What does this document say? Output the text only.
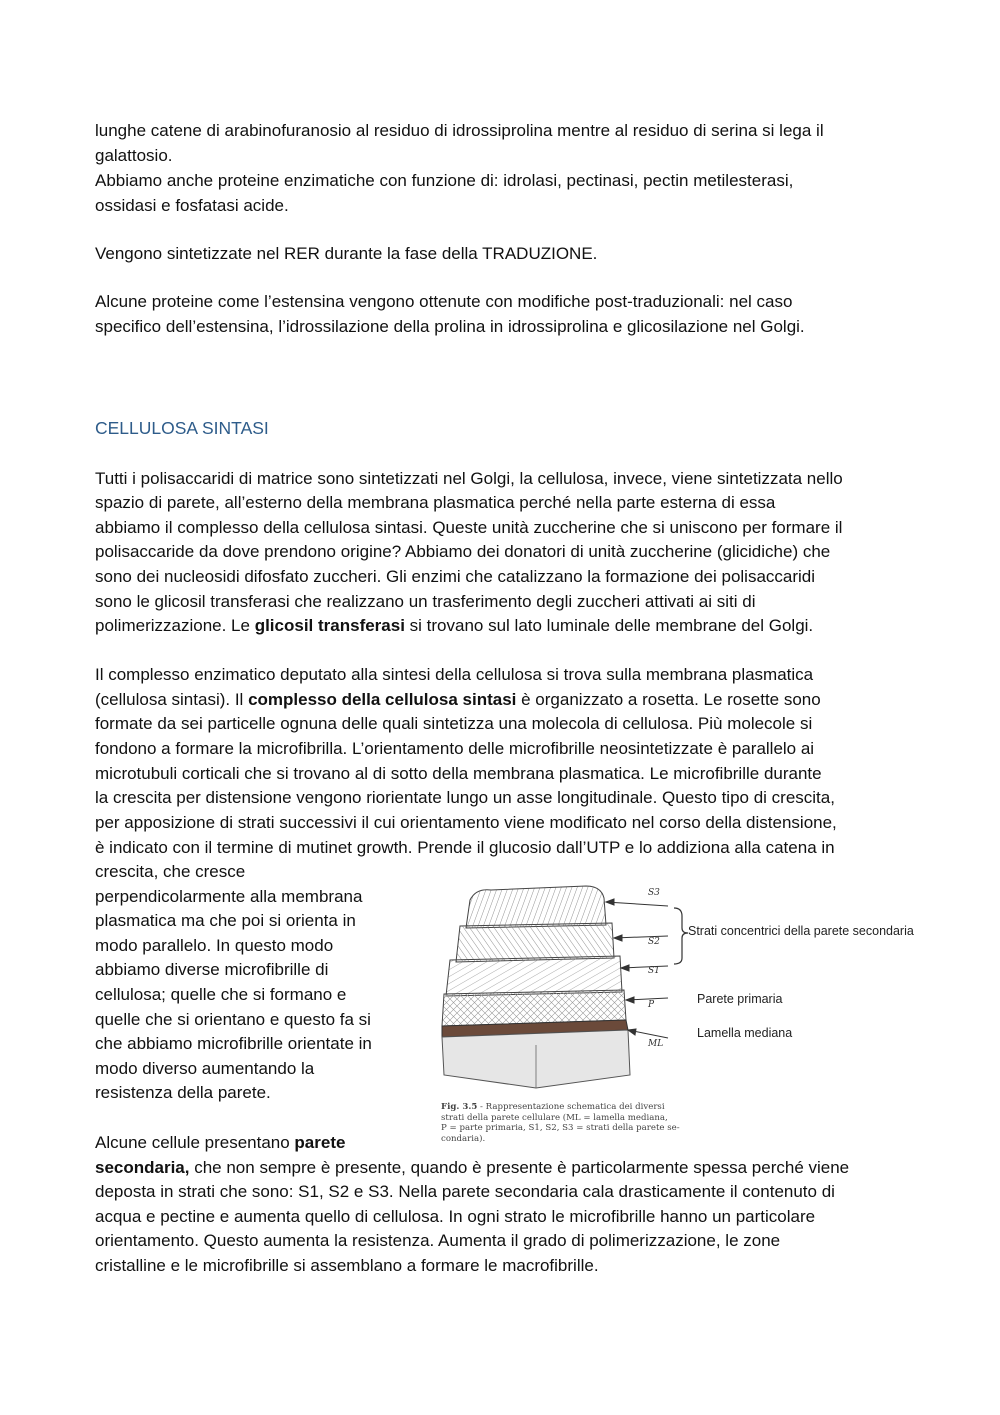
lunghe catene di arabinofuranosio al residuo di idrossiprolina mentre al residuo di serina si lega il
galattosio.
Abbiamo anche proteine enzimatiche con funzione di: idrolasi, pectinasi, pectin metilesterasi,
ossidasi e fosfatasi acide.
Vengono sintetizzate nel RER durante la fase della TRADUZIONE.
Alcune proteine come l’estensina vengono ottenute con modifiche post-traduzionali: nel caso
specifico dell’estensina, l’idrossilazione della prolina in idrossiprolina e glicosilazione nel Golgi.
CELLULOSA SINTASI
Tutti i polisaccaridi di matrice sono sintetizzati nel Golgi, la cellulosa, invece, viene sintetizzata nello
spazio di parete, all’esterno della membrana plasmatica perché nella parte esterna di essa
abbiamo il complesso della cellulosa sintasi. Queste unità zuccherine che si uniscono per formare il
polisaccaride da dove prendono origine? Abbiamo dei donatori di unità zuccherine (glicidiche) che
sono dei nucleosidi difosfato zuccheri. Gli enzimi che catalizzano la formazione dei polisaccaridi
sono le glicosil transferasi che realizzano un trasferimento degli zuccheri attivati ai siti di
polimerizzazione. Le glicosil transferasi si trovano sul lato luminale delle membrane del Golgi.
Il complesso enzimatico deputato alla sintesi della cellulosa si trova sulla membrana plasmatica
(cellulosa sintasi). Il complesso della cellulosa sintasi è organizzato a rosetta. Le rosette sono
formate da sei particelle ognuna delle quali sintetizza una molecola di cellulosa. Più molecole si
fondono a formare la microfibrilla. L’orientamento delle microfibrille neosintetizzate è parallelo ai
microtubuli corticali che si trovano al di sotto della membrana plasmatica. Le microfibrille durante
la crescita per distensione vengono riorientate lungo un asse longitudinale. Questo tipo di crescita,
per apposizione di strati successivi il cui orientamento viene modificato nel corso della distensione,
è indicato con il termine di mutinet growth. Prende il glucosio dall’UTP e lo addiziona alla catena in
crescita, che cresce
perpendicolarmente alla membrana
plasmatica ma che poi si orienta in
modo parallelo. In questo modo
abbiamo diverse microfibrille di
cellulosa; quelle che si formano e
quelle che si orientano e questo fa si
che abbiamo microfibrille orientate in
modo diverso aumentando la
resistenza della parete.
Alcune cellule presentano parete
secondaria, che non sempre è presente, quando è presente è particolarmente spessa perché viene
deposta in strati che sono: S1, S2 e S3. Nella parete secondaria cala drasticamente il contenuto di
acqua e pectine e aumenta quello di cellulosa. In ogni strato le microfibrille hanno un particolare
orientamento. Questo aumenta la resistenza. Aumenta il grado di polimerizzazione, le zone
cristalline e le microfibrille si assemblano a formare le macrofibrille.
S3
S2
S1
P
ML
Strati concentrici della parete secondaria
Parete primaria
Lamella mediana
Fig. 3.5 - Rappresentazione schematica dei diversi
strati della parete cellulare (ML = lamella mediana,
P = parte primaria, S1, S2, S3 = strati della parete se-
condaria).
